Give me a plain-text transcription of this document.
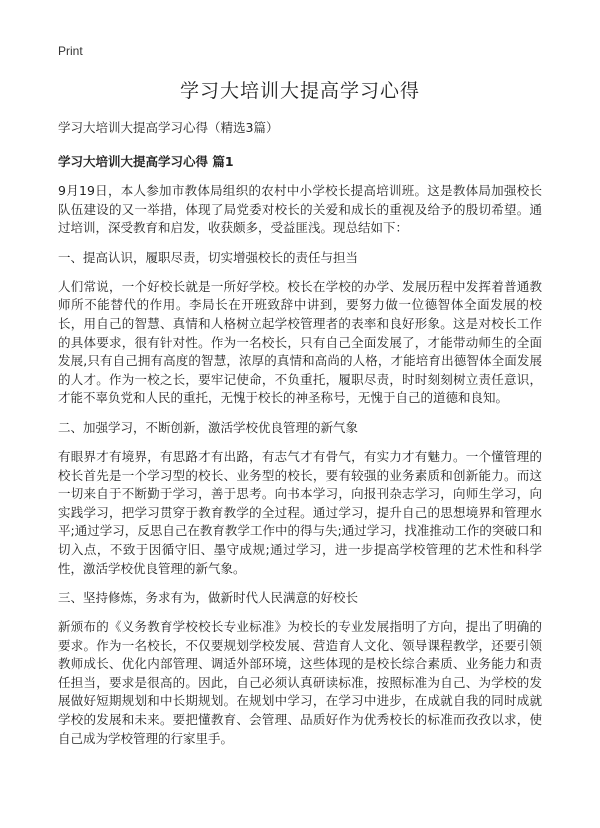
Print
学习大培训大提高学习心得
学习大培训大提高学习心得（精选3篇）
学习大培训大提高学习心得 篇1

9月19日，本人参加市教体局组织的农村中小学校长提高培训班。这是教体局加强校长队伍建设的又一举措，体现了局党委对校长的关爱和成长的重视及给予的殷切希望。通过培训，深受教育和启发，收获颇多，受益匪浅。现总结如下：

一、提高认识，履职尽责，切实增强校长的责任与担当

人们常说，一个好校长就是一所好学校。校长在学校的办学、发展历程中发挥着普通教师所不能替代的作用。李局长在开班致辞中讲到，要努力做一位德智体全面发展的校长，用自己的智慧、真情和人格树立起学校管理者的表率和良好形象。这是对校长工作的具体要求，很有针对性。作为一名校长，只有自己全面发展了，才能带动师生的全面发展,只有自己拥有高度的智慧，浓厚的真情和高尚的人格，才能培育出德智体全面发展的人才。作为一校之长，要牢记使命，不负重托，履职尽责，时时刻刻树立责任意识，才能不辜负党和人民的重托，无愧于校长的神圣称号，无愧于自己的道德和良知。

二、加强学习，不断创新，激活学校优良管理的新气象

有眼界才有境界，有思路才有出路，有志气才有骨气，有实力才有魅力。一个懂管理的校长首先是一个学习型的校长、业务型的校长，要有较强的业务素质和创新能力。而这一切来自于不断勤于学习，善于思考。向书本学习，向报刊杂志学习，向师生学习，向实践学习，把学习贯穿于教育教学的全过程。通过学习，提升自己的思想境界和管理水平;通过学习，反思自己在教育教学工作中的得与失;通过学习，找准推动工作的突破口和切入点，不致于因循守旧、墨守成规;通过学习，进一步提高学校管理的艺术性和科学性，激活学校优良管理的新气象。

三、坚持修炼，务求有为，做新时代人民满意的好校长

新颁布的《义务教育学校校长专业标准》为校长的专业发展指明了方向，提出了明确的要求。作为一名校长，不仅要规划学校发展、营造育人文化、领导课程教学，还要引领教师成长、优化内部管理、调适外部环境，这些体现的是校长综合素质、业务能力和责任担当，要求是很高的。因此，自己必须认真研读标准，按照标准为自己、为学校的发展做好短期规划和中长期规划。在规划中学习，在学习中进步，在成就自我的同时成就学校的发展和未来。要把懂教育、会管理、品质好作为优秀校长的标准而孜孜以求，使自己成为学校管理的行家里手。
